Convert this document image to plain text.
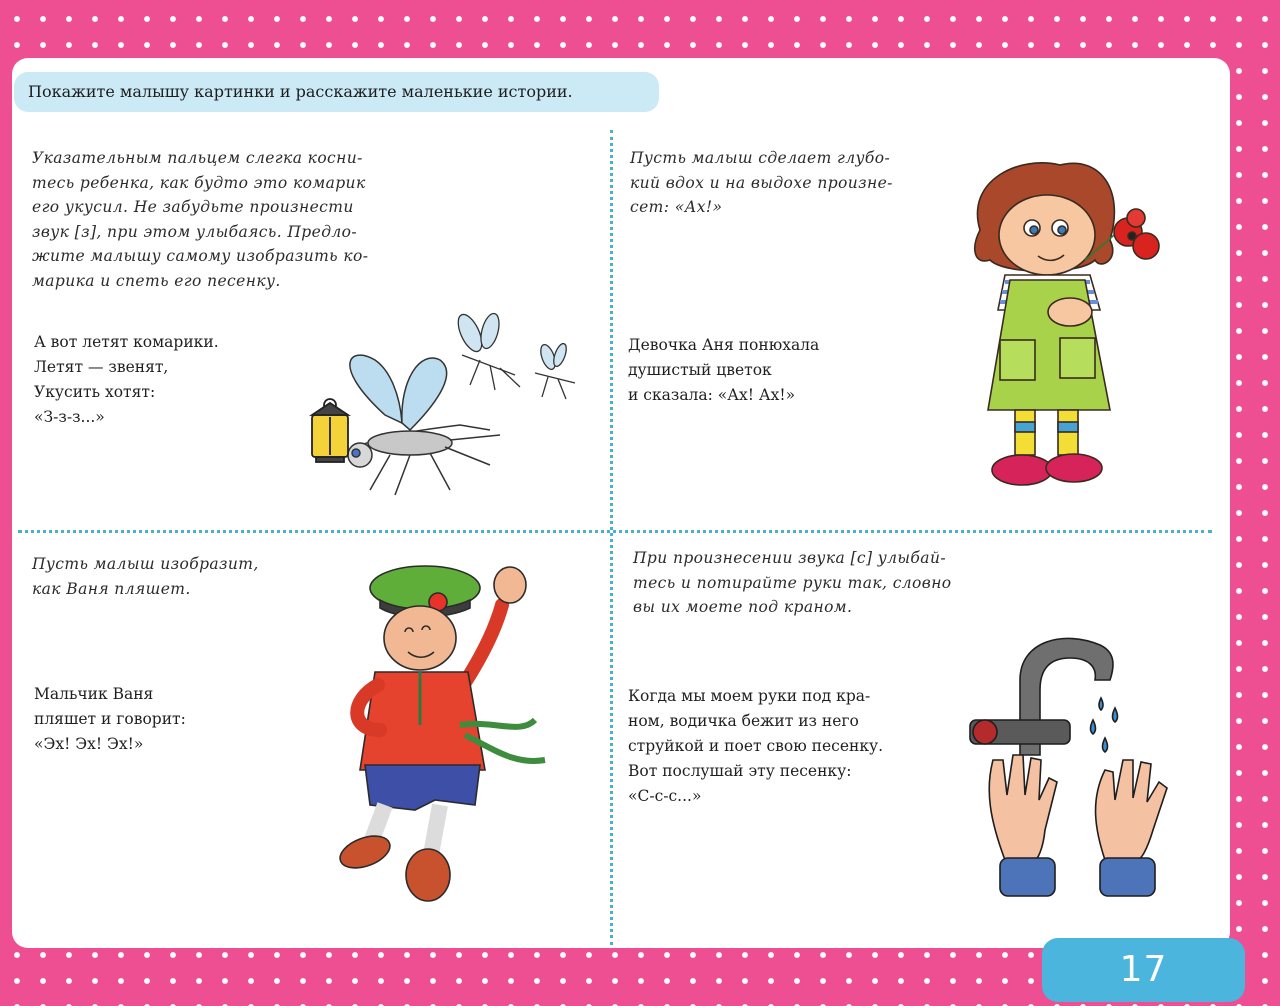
Покажите малышу картинки и расскажите маленькие истории.
Указательным пальцем слегка косни-
тесь ребенка, как будто это комарик
его укусил. Не забудьте произнести
звук [з], при этом улыбаясь. Предло-
жите малышу самому изобразить ко-
марика и спеть его песенку.
А вот летят комарики.
Летят — звенят,
Укусить хотят:
«З-з-з...»
Пусть малыш сделает глубо-
кий вдох и на выдохе произне-
сет: «Ах!»
Девочка Аня понюхала
душистый цветок
и сказала: «Ах! Ах!»
Пусть малыш изобразит,
как Ваня пляшет.
Мальчик Ваня
пляшет и говорит:
«Эх! Эх! Эх!»
При произнесении звука [с] улыбай-
тесь и потирайте руки так, словно
вы их моете под краном.
Когда мы моем руки под кра-
ном, водичка бежит из него
струйкой и поет свою песенку.
Вот послушай эту песенку:
«С-с-с...»
17
